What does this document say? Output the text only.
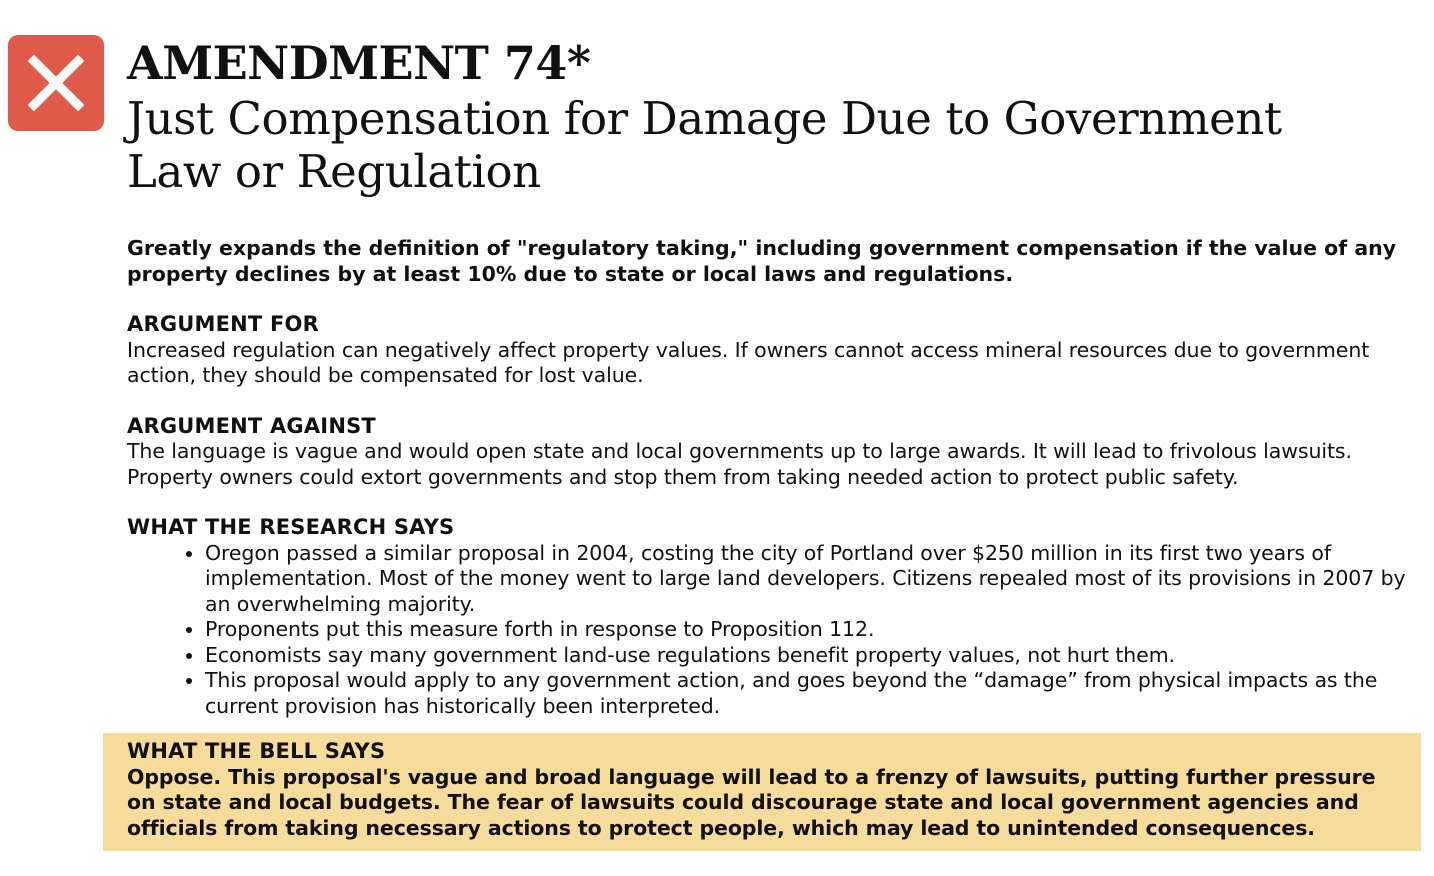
AMENDMENT 74*
Just Compensation for Damage Due to Government
Law or Regulation

Greatly expands the definition of "regulatory taking," including government compensation if the value of any property declines by at least 10% due to state or local laws and regulations.

ARGUMENT FOR

Increased regulation can negatively affect property values. If owners cannot access mineral resources due to government action, they should be compensated for lost value.

ARGUMENT AGAINST

The language is vague and would open state and local governments up to large awards. It will lead to frivolous lawsuits. Property owners could extort governments and stop them from taking needed action to protect public safety.

WHAT THE RESEARCH SAYS
• Oregon passed a similar proposal in 2004, costing the city of Portland over $250 million in its first two years of implementation. Most of the money went to large land developers. Citizens repealed most of its provisions in 2007 by an overwhelming majority.
• Proponents put this measure forth in response to Proposition 112.
• Economists say many government land-use regulations benefit property values, not hurt them.
• This proposal would apply to any government action, and goes beyond the “damage” from physical impacts as the current provision has historically been interpreted.
WHAT THE BELL SAYS
Oppose. This proposal's vague and broad language will lead to a frenzy of lawsuits, putting further pressure on state and local budgets. The fear of lawsuits could discourage state and local government agencies and officials from taking necessary actions to protect people, which may lead to unintended consequences.
